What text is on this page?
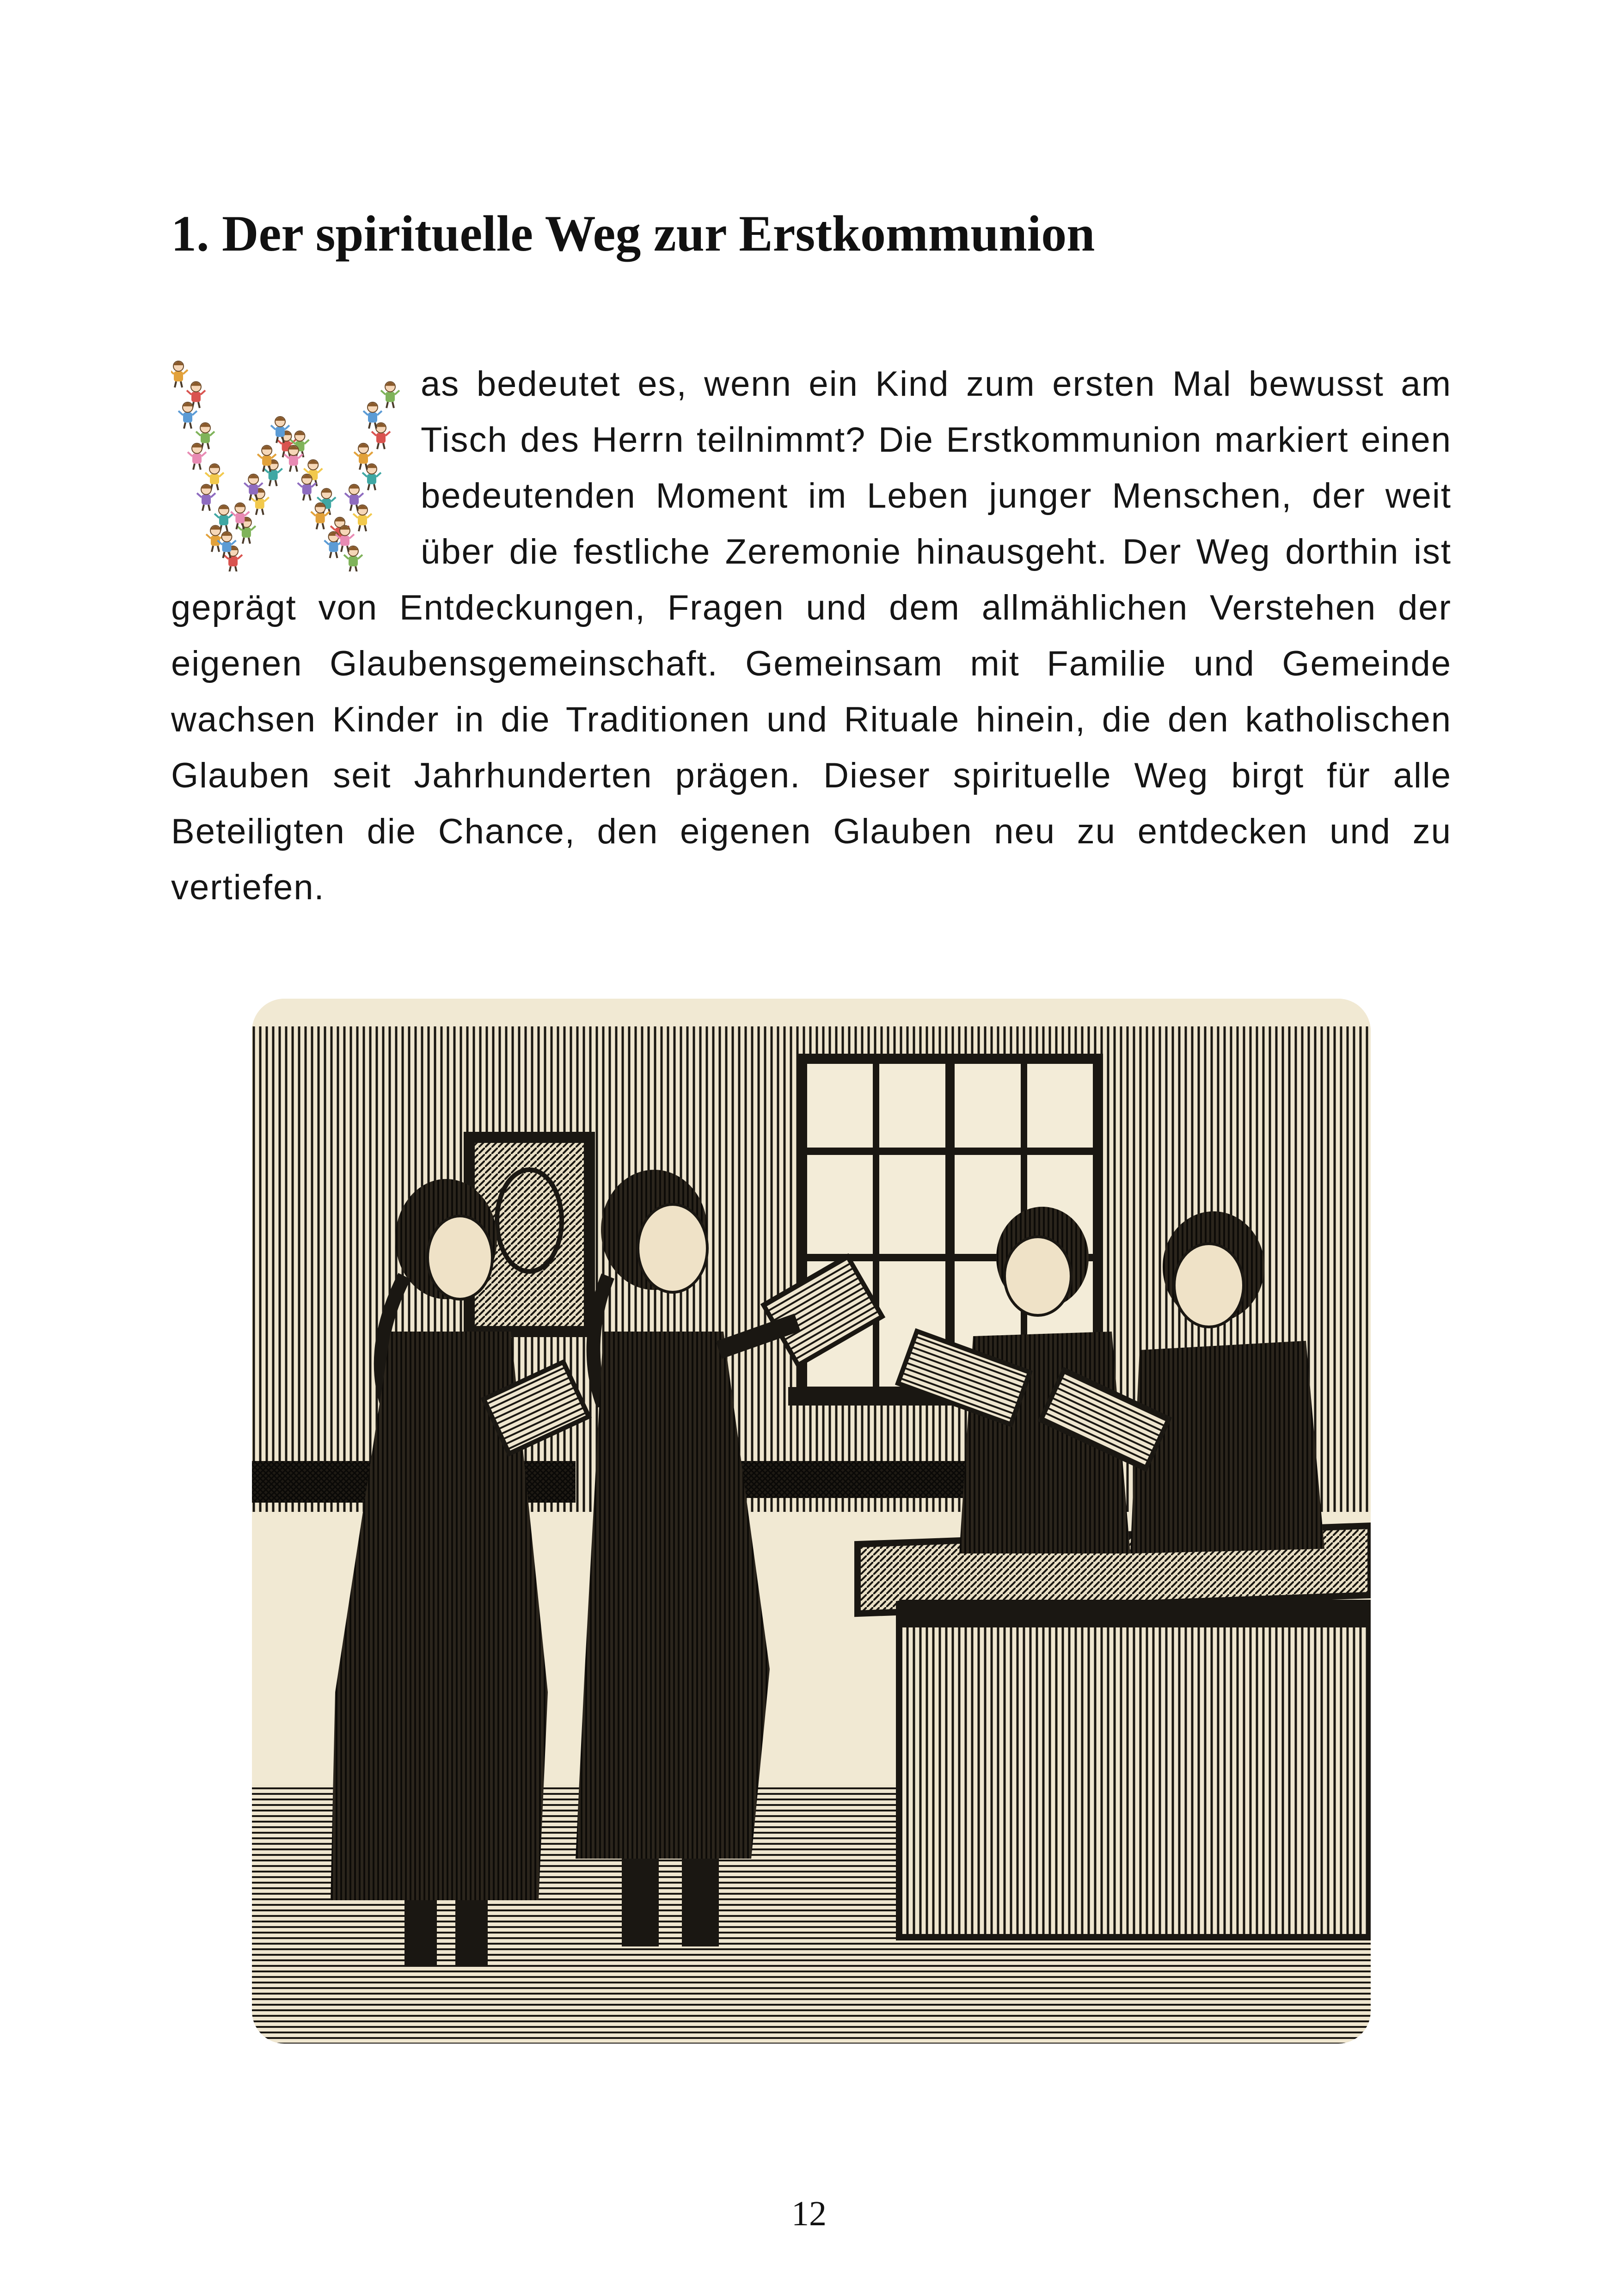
1. Der spirituelle Weg zur Erstkommunion
as bedeutet es, wenn ein Kind zum ersten Mal bewusst am Tisch des Herrn teilnimmt? Die Erstkommunion markiert einen bedeutenden Moment im Leben junger Menschen, der weit über die festliche Zeremonie hinausgeht. Der Weg dorthin ist geprägt von Entdeckungen, Fragen und dem allmählichen Verstehen der eigenen Glaubensgemeinschaft. Gemeinsam mit Familie und Gemeinde wachsen Kinder in die Traditionen und Rituale hinein, die den katholischen Glauben seit Jahrhunderten prägen. Dieser spirituelle Weg birgt für alle Beteiligten die Chance, den eigenen Glauben neu zu entdecken und zu vertiefen.
12
